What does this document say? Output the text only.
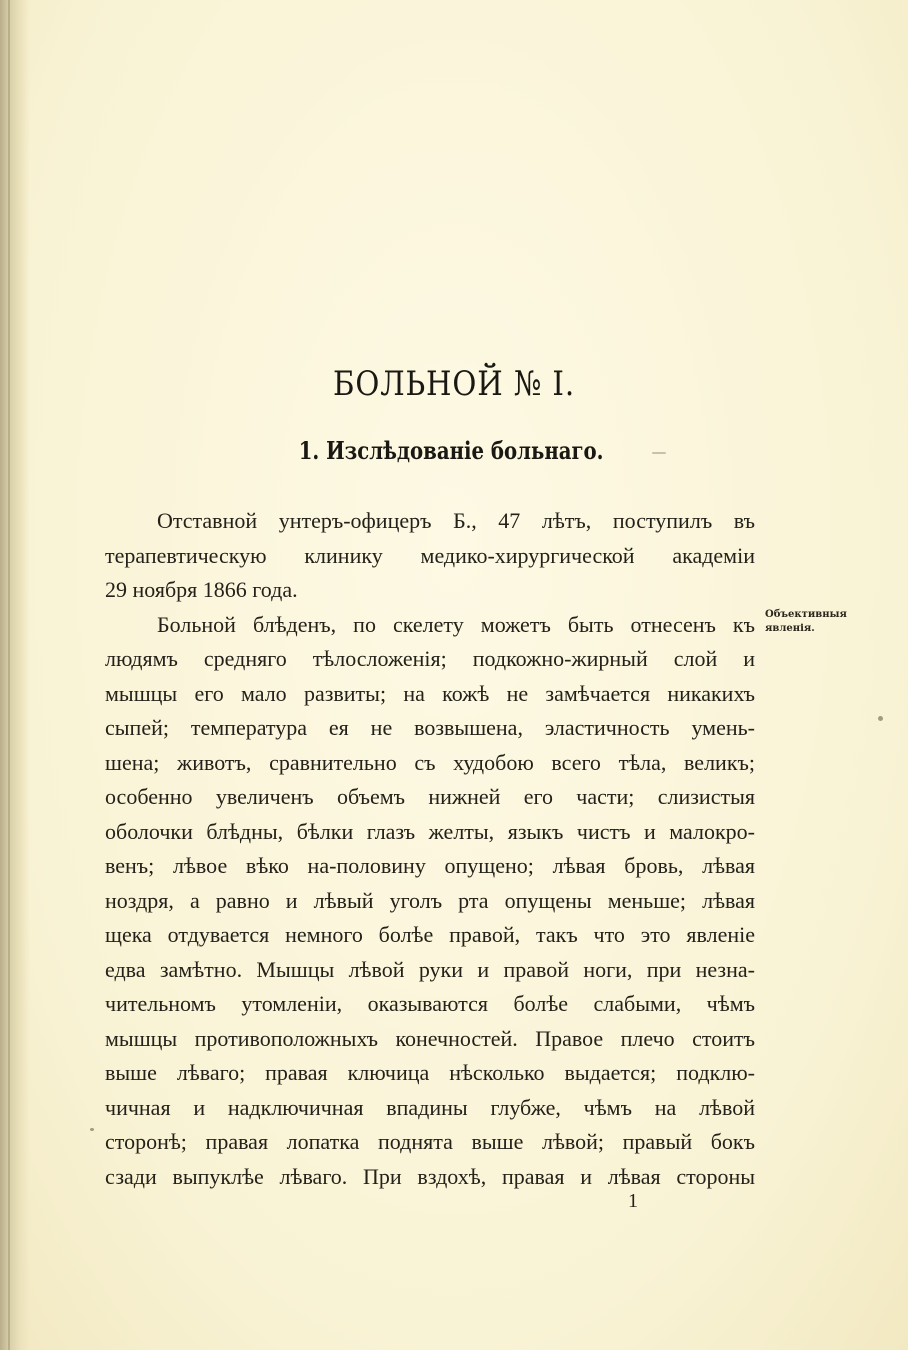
БОЛЬНОЙ № I.
1. Изслѣдованіе больнаго.
Отставной унтеръ-офицеръ Б., 47 лѣтъ, поступилъ въ
терапевтическую клинику медико-хирургической академіи
29 ноября 1866 года.
Больной блѣденъ, по скелету можетъ быть отнесенъ къ
людямъ средняго тѣлосложенія; подкожно-жирный слой и
мышцы его мало развиты; на кожѣ не замѣчается никакихъ
сыпей; температура ея не возвышена, эластичность умень-
шена; животъ, сравнительно съ худобою всего тѣла, великъ;
особенно увеличенъ объемъ нижней его части; слизистыя
оболочки блѣдны, бѣлки глазъ желты, языкъ чистъ и малокро-
венъ; лѣвое вѣко на-половину опущено; лѣвая бровь, лѣвая
ноздря, а равно и лѣвый уголъ рта опущены меньше; лѣвая
щека отдувается немного болѣе правой, такъ что это явленіе
едва замѣтно. Мышцы лѣвой руки и правой ноги, при незна-
чительномъ утомленіи, оказываются болѣе слабыми, чѣмъ
мышцы противоположныхъ конечностей. Правое плечо стоитъ
выше лѣваго; правая ключица нѣсколько выдается; подклю-
чичная и надключичная впадины глубже, чѣмъ на лѣвой
сторонѣ; правая лопатка поднята выше лѣвой; правый бокъ
сзади выпуклѣе лѣваго. При вздохѣ, правая и лѣвая стороны
Объективныя
явленія.
1
